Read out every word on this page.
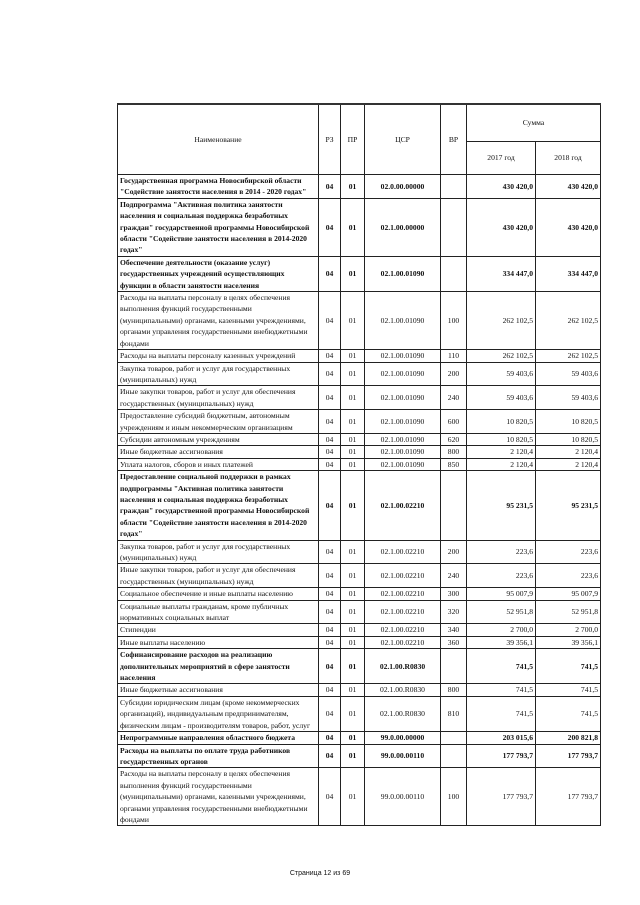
Наименование	РЗ	ПР	ЦСР	ВР	Сумма	
					2017 год	2018 год
Государственная программа Новосибирской области "Содействие занятости населения в 2014 - 2020 годах"	04	01	02.0.00.00000		430 420,0	430 420,0
Подпрограмма "Активная политика занятости населения и социальная поддержка безработных граждан" государственной программы Новосибирской области "Содействие занятости населения в 2014-2020 годах"	04	01	02.1.00.00000		430 420,0	430 420,0
Обеспечение деятельности (оказание услуг) государственных учреждений осуществляющих функции в области занятости населения	04	01	02.1.00.01090		334 447,0	334 447,0
Расходы на выплаты персоналу в целях обеспечения выполнения функций государственными (муниципальными) органами, казенными учреждениями, органами управления государственными внебюджетными фондами	04	01	02.1.00.01090	100	262 102,5	262 102,5
Расходы на выплаты персоналу казенных учреждений	04	01	02.1.00.01090	110	262 102,5	262 102,5
Закупка товаров, работ и услуг для государственных (муниципальных) нужд	04	01	02.1.00.01090	200	59 403,6	59 403,6
Иные закупки товаров, работ и услуг для обеспечения государственных (муниципальных) нужд	04	01	02.1.00.01090	240	59 403,6	59 403,6
Предоставление субсидий бюджетным, автономным учреждениям и иным некоммерческим организациям	04	01	02.1.00.01090	600	10 820,5	10 820,5
Субсидии автономным учреждениям	04	01	02.1.00.01090	620	10 820,5	10 820,5
Иные бюджетные ассигнования	04	01	02.1.00.01090	800	2 120,4	2 120,4
Уплата налогов, сборов и иных платежей	04	01	02.1.00.01090	850	2 120,4	2 120,4
Предоставление социальной поддержки в рамках подпрограммы "Активная политика занятости населения и социальная поддержка безработных граждан" государственной программы Новосибирской области "Содействие занятости населения в 2014-2020 годах"	04	01	02.1.00.02210		95 231,5	95 231,5
Закупка товаров, работ и услуг для государственных (муниципальных) нужд	04	01	02.1.00.02210	200	223,6	223,6
Иные закупки товаров, работ и услуг для обеспечения государственных (муниципальных) нужд	04	01	02.1.00.02210	240	223,6	223,6
Социальное обеспечение и иные выплаты населению	04	01	02.1.00.02210	300	95 007,9	95 007,9
Социальные выплаты гражданам, кроме публичных нормативных социальных выплат	04	01	02.1.00.02210	320	52 951,8	52 951,8
Стипендии	04	01	02.1.00.02210	340	2 700,0	2 700,0
Иные выплаты населению	04	01	02.1.00.02210	360	39 356,1	39 356,1
Софинансирование расходов на реализацию дополнительных мероприятий в сфере занятости населения	04	01	02.1.00.R0830		741,5	741,5
Иные бюджетные ассигнования	04	01	02.1.00.R0830	800	741,5	741,5
Субсидии юридическим лицам (кроме некоммерческих организаций), индивидуальным предпринимателям, физическим лицам - производителям товаров, работ, услуг	04	01	02.1.00.R0830	810	741,5	741,5
Непрограммные направления областного бюджета	04	01	99.0.00.00000		203 015,6	200 821,8
Расходы на выплаты по оплате труда работников государственных органов	04	01	99.0.00.00110		177 793,7	177 793,7
Расходы на выплаты персоналу в целях обеспечения выполнения функций государственными (муниципальными) органами, казенными учреждениями, органами управления государственными внебюджетными фондами	04	01	99.0.00.00110	100	177 793,7	177 793,7
Страница 12 из 69
